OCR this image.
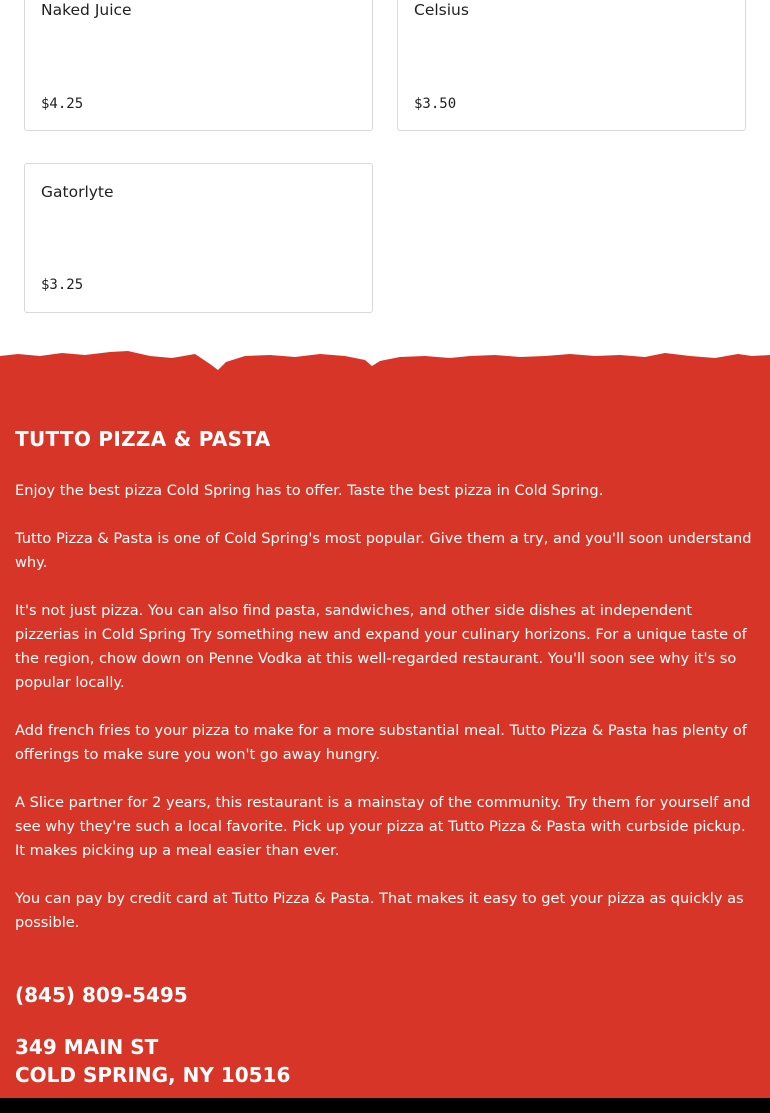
Naked Juice
$4.25
Celsius
$3.50
Gatorlyte
$3.25
TUTTO PIZZA & PASTA

Enjoy the best pizza Cold Spring has to offer. Taste the best pizza in Cold Spring.

Tutto Pizza & Pasta is one of Cold Spring's most popular. Give them a try, and you'll soon understand why.

It's not just pizza. You can also find pasta, sandwiches, and other side dishes at independent pizzerias in Cold Spring Try something new and expand your culinary horizons. For a unique taste of the region, chow down on Penne Vodka at this well-regarded restaurant. You'll soon see why it's so popular locally.

Add french fries to your pizza to make for a more substantial meal. Tutto Pizza & Pasta has plenty of offerings to make sure you won't go away hungry.

A Slice partner for 2 years, this restaurant is a mainstay of the community. Try them for yourself and see why they're such a local favorite. Pick up your pizza at Tutto Pizza & Pasta with curbside pickup. It makes picking up a meal easier than ever.

You can pay by credit card at Tutto Pizza & Pasta. That makes it easy to get your pizza as quickly as possible.

(845) 809-5495
349 MAIN ST
COLD SPRING, NY 10516
